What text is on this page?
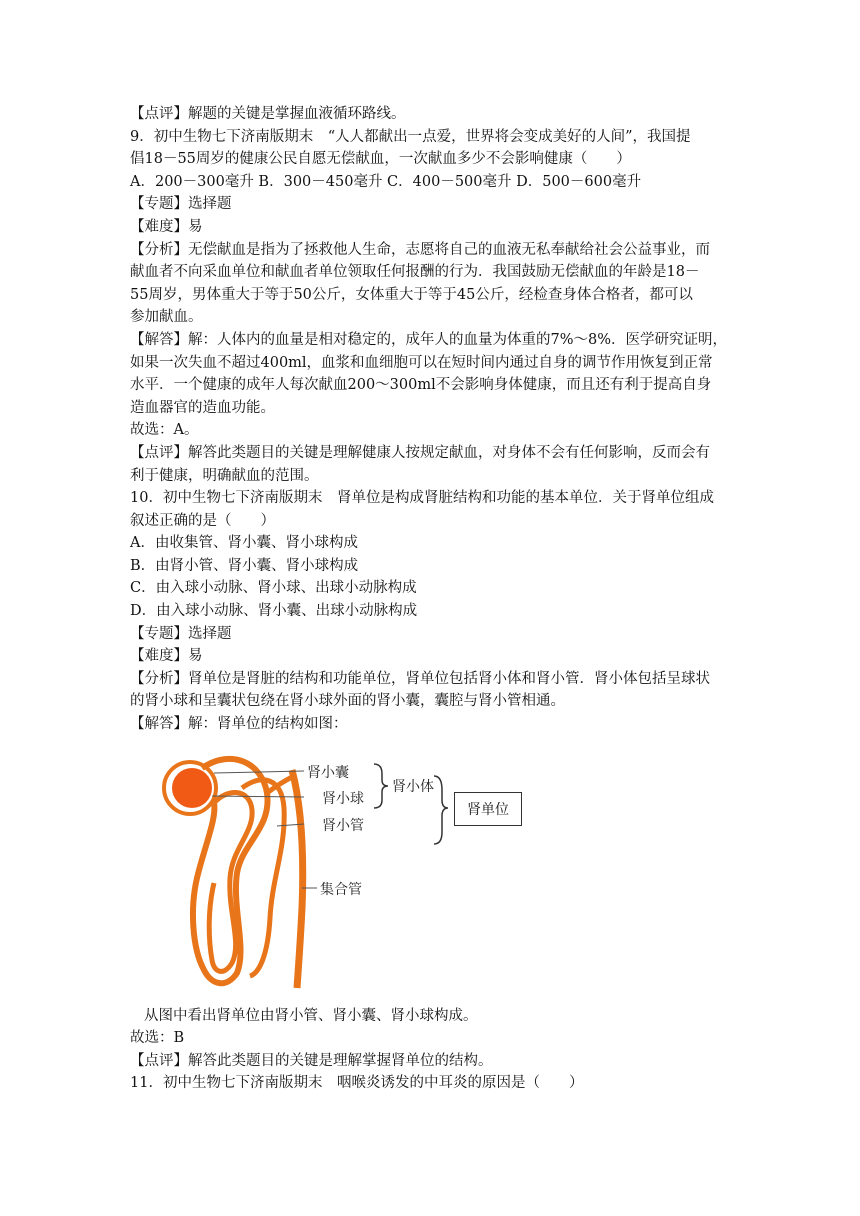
【点评】解题的关键是掌握血液循环路线。
9．初中生物七下济南版期末　“人人都献出一点爱，世界将会变成美好的人间”，我国提
倡18－55周岁的健康公民自愿无偿献血，一次献血多少不会影响健康（　　）
A．200－300毫升 B．300－450毫升 C．400－500毫升 D．500－600毫升
【专题】选择题
【难度】易
【分析】无偿献血是指为了拯救他人生命，志愿将自己的血液无私奉献给社会公益事业，而
献血者不向采血单位和献血者单位领取任何报酬的行为．我国鼓励无偿献血的年龄是18－
55周岁，男体重大于等于50公斤，女体重大于等于45公斤，经检查身体合格者，都可以
参加献血。
【解答】解：人体内的血量是相对稳定的，成年人的血量为体重的7%～8%．医学研究证明，
如果一次失血不超过400ml，血浆和血细胞可以在短时间内通过自身的调节作用恢复到正常
水平．一个健康的成年人每次献血200～300ml不会影响身体健康，而且还有利于提高自身
造血器官的造血功能。
故选：A。
【点评】解答此类题目的关键是理解健康人按规定献血，对身体不会有任何影响，反而会有
利于健康，明确献血的范围。
10．初中生物七下济南版期末　肾单位是构成肾脏结构和功能的基本单位．关于肾单位组成
叙述正确的是（　　）
A．由收集管、肾小囊、肾小球构成
B．由肾小管、肾小囊、肾小球构成
C．由入球小动脉、肾小球、出球小动脉构成
D．由入球小动脉、肾小囊、出球小动脉构成
【专题】选择题
【难度】易
【分析】肾单位是肾脏的结构和功能单位，肾单位包括肾小体和肾小管．肾小体包括呈球状
的肾小球和呈囊状包绕在肾小球外面的肾小囊，囊腔与肾小管相通。
【解答】解：肾单位的结构如图：
肾小囊
肾小球
肾小管
集合管
肾小体
肾单位
从图中看出肾单位由肾小管、肾小囊、肾小球构成。
故选：B
【点评】解答此类题目的关键是理解掌握肾单位的结构。
11．初中生物七下济南版期末　咽喉炎诱发的中耳炎的原因是（　　）
